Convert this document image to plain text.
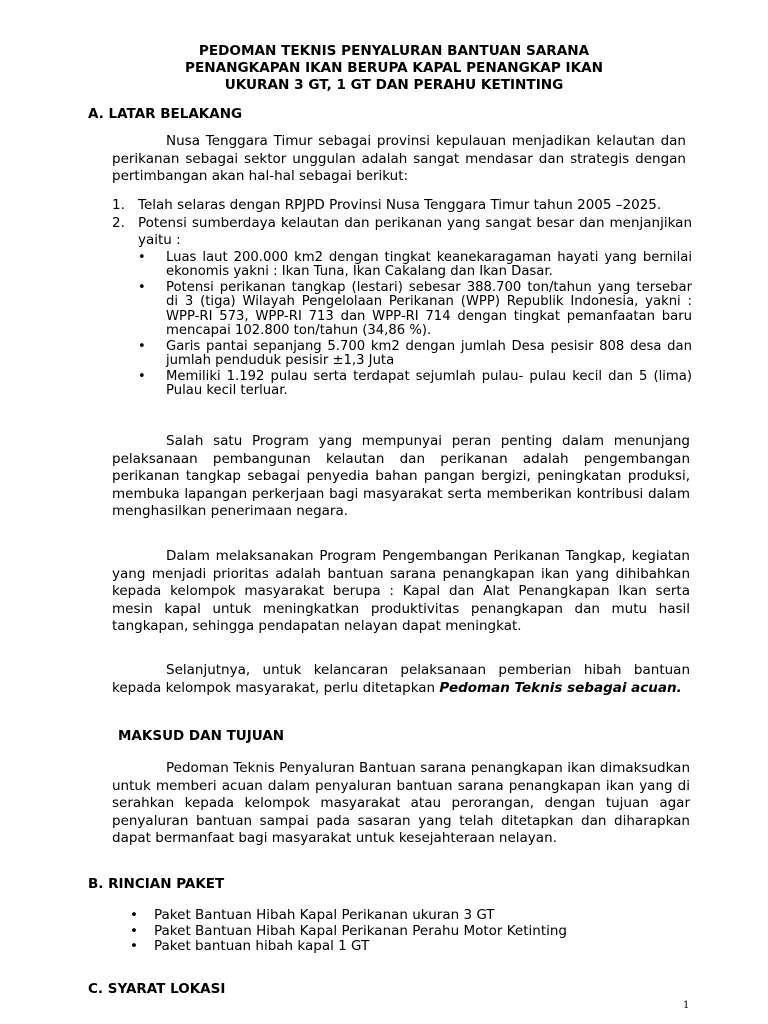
PEDOMAN TEKNIS PENYALURAN BANTUAN SARANA
PENANGKAPAN IKAN BERUPA KAPAL PENANGKAP IKAN
UKURAN 3 GT, 1 GT DAN PERAHU KETINTING
A. LATAR BELAKANG
Nusa Tenggara Timur sebagai provinsi kepulauan menjadikan kelautan dan perikanan sebagai sektor unggulan adalah sangat mendasar dan strategis dengan pertimbangan akan hal-hal sebagai berikut:
1. Telah selaras dengan RPJPD Provinsi Nusa Tenggara Timur tahun 2005 –2025.
2. Potensi sumberdaya kelautan dan perikanan yang sangat besar dan menjanjikan yaitu :
• Luas laut 200.000 km2 dengan tingkat keanekaragaman hayati yang bernilai ekonomis yakni : Ikan Tuna, Ikan Cakalang dan Ikan Dasar.
• Potensi perikanan tangkap (lestari) sebesar 388.700 ton/tahun yang tersebar di 3 (tiga) Wilayah Pengelolaan Perikanan (WPP) Republik Indonesia, yakni : WPP-RI 573, WPP-RI 713 dan WPP-RI 714 dengan tingkat pemanfaatan baru mencapai 102.800 ton/tahun (34,86 %).
• Garis pantai sepanjang 5.700 km2 dengan jumlah Desa pesisir 808 desa dan jumlah penduduk pesisir ±1,3 Juta
• Memiliki 1.192 pulau serta terdapat sejumlah pulau- pulau kecil dan 5 (lima) Pulau kecil terluar.
Salah satu Program yang mempunyai peran penting dalam menunjang pelaksanaan pembangunan kelautan dan perikanan adalah pengembangan perikanan tangkap sebagai penyedia bahan pangan bergizi, peningkatan produksi, membuka lapangan perkerjaan bagi masyarakat serta memberikan kontribusi dalam menghasilkan penerimaan negara.
Dalam melaksanakan Program Pengembangan Perikanan Tangkap, kegiatan yang menjadi prioritas adalah bantuan sarana penangkapan ikan yang dihibahkan kepada kelompok masyarakat berupa : Kapal dan Alat Penangkapan Ikan serta mesin kapal untuk meningkatkan produktivitas penangkapan dan mutu hasil tangkapan, sehingga pendapatan nelayan dapat meningkat.
Selanjutnya, untuk kelancaran pelaksanaan pemberian hibah bantuan kepada kelompok masyarakat, perlu ditetapkan Pedoman Teknis sebagai acuan.
MAKSUD DAN TUJUAN
Pedoman Teknis Penyaluran Bantuan sarana penangkapan ikan dimaksudkan untuk memberi acuan dalam penyaluran bantuan sarana penangkapan ikan yang di serahkan kepada kelompok masyarakat atau perorangan, dengan tujuan agar penyaluran bantuan sampai pada sasaran yang telah ditetapkan dan diharapkan dapat bermanfaat bagi masyarakat untuk kesejahteraan nelayan.
B. RINCIAN PAKET
• Paket Bantuan Hibah Kapal Perikanan ukuran 3 GT
• Paket Bantuan Hibah Kapal Perikanan Perahu Motor Ketinting
• Paket bantuan hibah kapal 1 GT
C. SYARAT LOKASI
1
